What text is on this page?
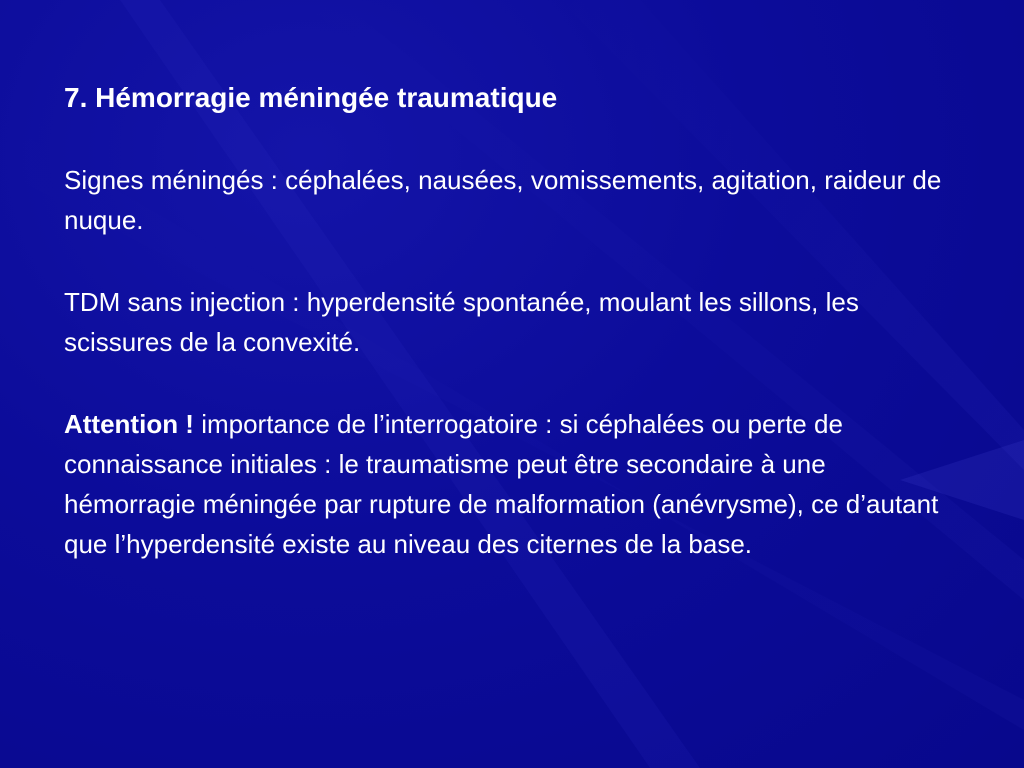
7. Hémorragie méningée traumatique

Signes méningés : céphalées, nausées, vomissements, agitation, raideur de nuque.

TDM sans injection : hyperdensité spontanée, moulant les sillons, les scissures de la convexité.

Attention ! importance de l’interrogatoire : si céphalées ou perte de connaissance initiales : le traumatisme peut être secondaire à une hémorragie méningée par rupture de malformation (anévrysme), ce d’autant que l’hyperdensité existe au niveau des citernes de la base.
